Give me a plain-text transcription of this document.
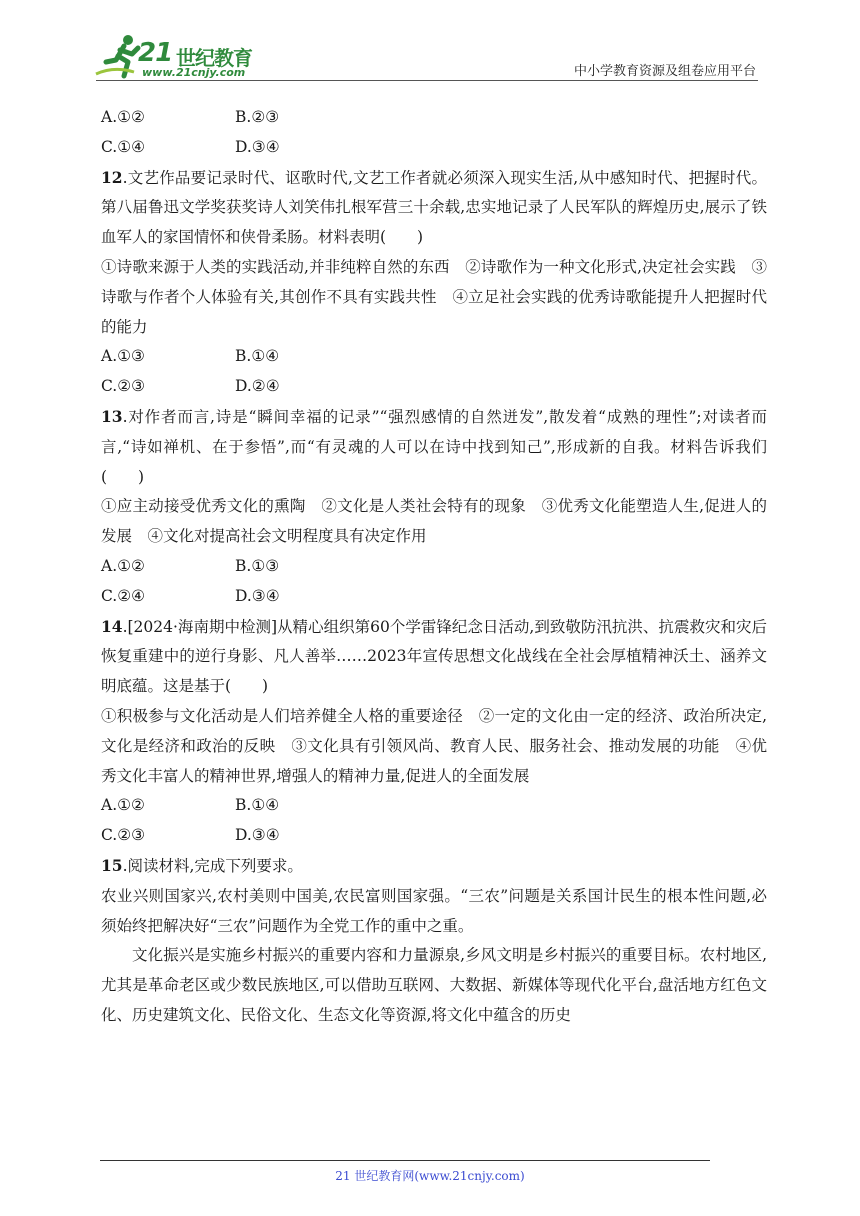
21 世纪教育
www.21cnjy.com	中小学教育资源及组卷应用平台
A.①②	B.②③
C.①④	D.③④
12.文艺作品要记录时代、讴歌时代,文艺工作者就必须深入现实生活,从中感知时代、把握时代。第八届鲁迅文学奖获奖诗人刘笑伟扎根军营三十余载,忠实地记录了人民军队的辉煌历史,展示了铁血军人的家国情怀和侠骨柔肠。材料表明(　　)
①诗歌来源于人类的实践活动,并非纯粹自然的东西　②诗歌作为一种文化形式,决定社会实践　③诗歌与作者个人体验有关,其创作不具有实践共性　④立足社会实践的优秀诗歌能提升人把握时代的能力
A.①③	B.①④
C.②③	D.②④
13.对作者而言,诗是“瞬间幸福的记录”“强烈感情的自然迸发”,散发着“成熟的理性”;对读者而言,“诗如禅机、在于参悟”,而“有灵魂的人可以在诗中找到知己”,形成新的自我。材料告诉我们(　　)
①应主动接受优秀文化的熏陶　②文化是人类社会特有的现象　③优秀文化能塑造人生,促进人的发展　④文化对提高社会文明程度具有决定作用
A.①②	B.①③
C.②④	D.③④
14.[2024·海南期中检测]从精心组织第60个学雷锋纪念日活动,到致敬防汛抗洪、抗震救灾和灾后恢复重建中的逆行身影、凡人善举……2023年宣传思想文化战线在全社会厚植精神沃土、涵养文明底蕴。这是基于(　　)
①积极参与文化活动是人们培养健全人格的重要途径　②一定的文化由一定的经济、政治所决定,文化是经济和政治的反映　③文化具有引领风尚、教育人民、服务社会、推动发展的功能　④优秀文化丰富人的精神世界,增强人的精神力量,促进人的全面发展
A.①②	B.①④
C.②③	D.③④
15.阅读材料,完成下列要求。
农业兴则国家兴,农村美则中国美,农民富则国家强。“三农”问题是关系国计民生的根本性问题,必须始终把解决好“三农”问题作为全党工作的重中之重。
文化振兴是实施乡村振兴的重要内容和力量源泉,乡风文明是乡村振兴的重要目标。农村地区,尤其是革命老区或少数民族地区,可以借助互联网、大数据、新媒体等现代化平台,盘活地方红色文化、历史建筑文化、民俗文化、生态文化等资源,将文化中蕴含的历史
21 世纪教育网(www.21cnjy.com)
